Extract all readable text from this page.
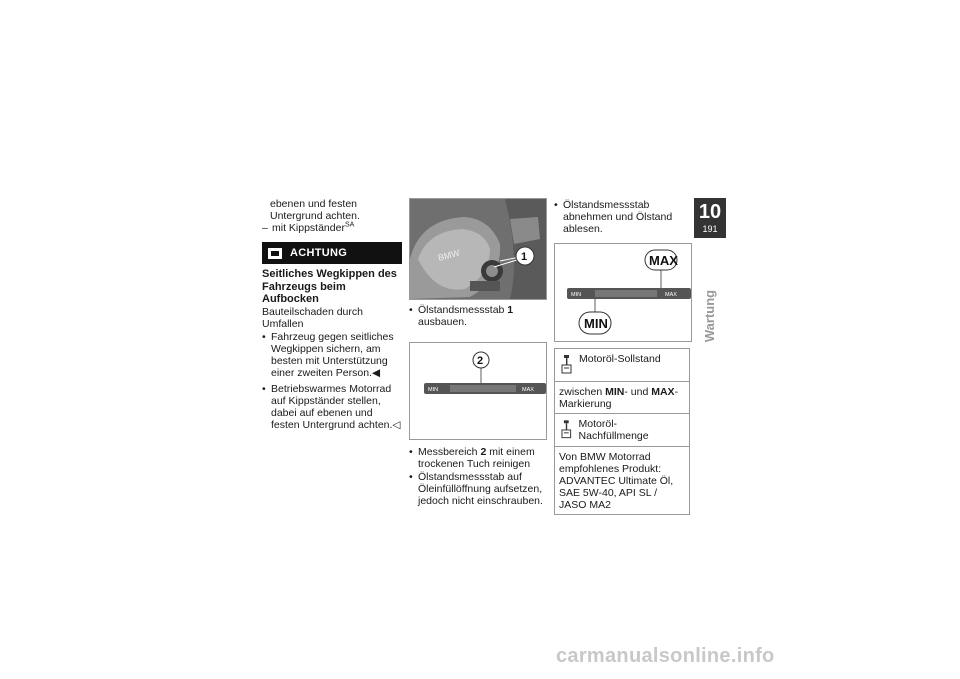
ebenen und festen Untergrund achten.

– mit Kippständer$^{SA}$

ACHTUNG

Seitliches Wegkippen des Fahrzeugs beim Aufbocken

Bauteilschaden durch Umfallen

• Fahrzeug gegen seitliches Wegkippen sichern, am besten mit Unterstützung einer zweiten Person.◀

• Betriebswarmes Motorrad auf Kippständer stellen, dabei auf ebenen und festen Untergrund achten.◁

BMW	1

• Ölstandsmessstab 1 ausbauen.

2
MIN	MAX

• Messbereich 2 mit einem trockenen Tuch reinigen

• Ölstandsmessstab auf Öleinfüllöffnung aufsetzen, jedoch nicht einschrauben.

• Ölstandsmessstab abnehmen und Ölstand ablesen.

MAX
MIN	MAX
MIN
Motoröl-Sollstand
zwischen MIN- und MAX-Markierung
Motoröl-Nachfüllmenge
Von BMW Motorrad empfohlenes Produkt: ADVANTEC Ultimate Öl, SAE 5W-40, API SL / JASO MA2
10
191
Wartung
carmanualsonline.info
